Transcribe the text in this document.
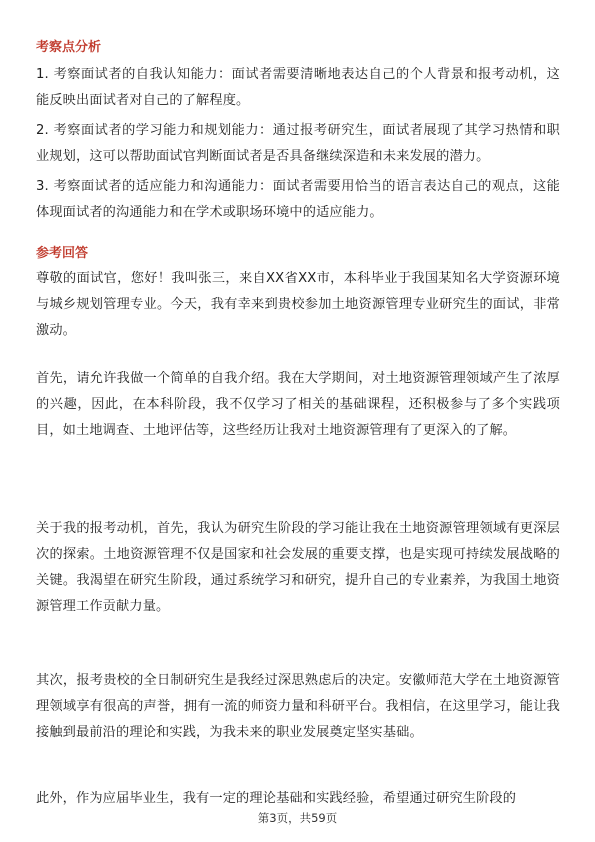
考察点分析

1. 考察面试者的自我认知能力：面试者需要清晰地表达自己的个人背景和报考动机，这能反映出面试者对自己的了解程度。

2. 考察面试者的学习能力和规划能力：通过报考研究生，面试者展现了其学习热情和职业规划，这可以帮助面试官判断面试者是否具备继续深造和未来发展的潜力。

3. 考察面试者的适应能力和沟通能力：面试者需要用恰当的语言表达自己的观点，这能体现面试者的沟通能力和在学术或职场环境中的适应能力。

参考回答

尊敬的面试官，您好！我叫张三，来自XX省XX市，本科毕业于我国某知名大学资源环境与城乡规划管理专业。今天，我有幸来到贵校参加土地资源管理专业研究生的面试，非常激动。

首先，请允许我做一个简单的自我介绍。我在大学期间，对土地资源管理领域产生了浓厚的兴趣，因此，在本科阶段，我不仅学习了相关的基础课程，还积极参与了多个实践项目，如土地调查、土地评估等，这些经历让我对土地资源管理有了更深入的了解。

关于我的报考动机，首先，我认为研究生阶段的学习能让我在土地资源管理领域有更深层次的探索。土地资源管理不仅是国家和社会发展的重要支撑，也是实现可持续发展战略的关键。我渴望在研究生阶段，通过系统学习和研究，提升自己的专业素养，为我国土地资源管理工作贡献力量。

其次，报考贵校的全日制研究生是我经过深思熟虑后的决定。安徽师范大学在土地资源管理领域享有很高的声誉，拥有一流的师资力量和科研平台。我相信，在这里学习，能让我接触到最前沿的理论和实践，为我未来的职业发展奠定坚实基础。

此外，作为应届毕业生，我有一定的理论基础和实践经验，希望通过研究生阶段的

第3页，共59页
